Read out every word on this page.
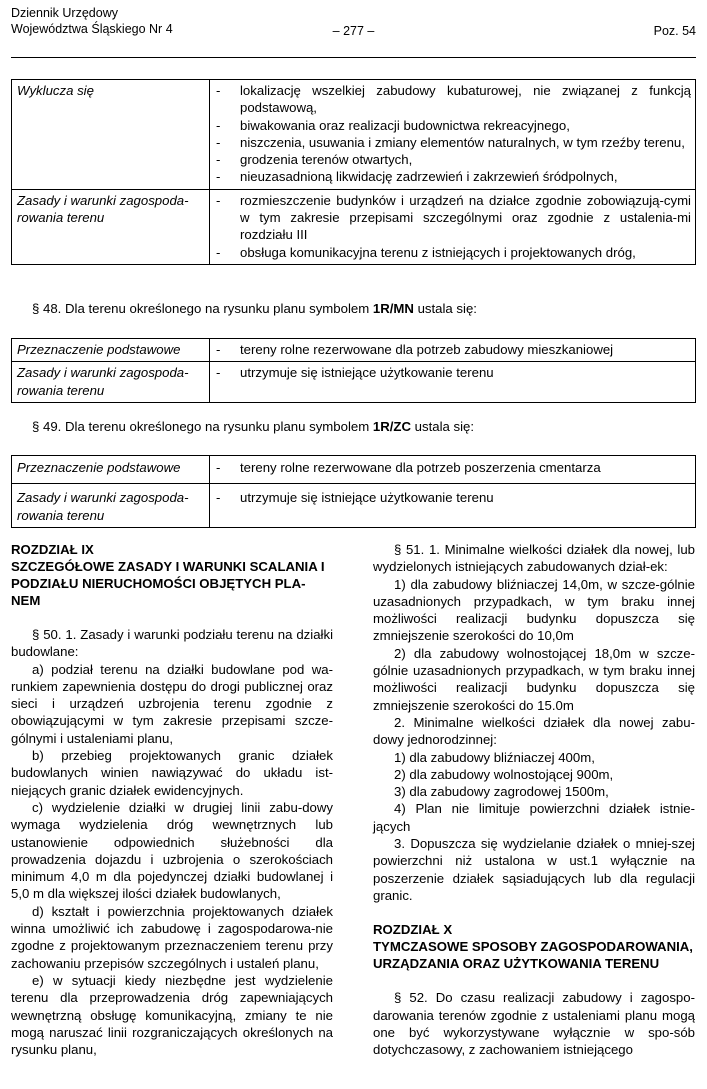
Dziennik Urzędowy
Województwa Śląskiego Nr 4	– 277 –	Poz. 54
Wyklucza się	- lokalizację wszelkiej zabudowy kubaturowej, nie związanej z funkcją podstawową,
- biwakowania oraz realizacji budownictwa rekreacyjnego,
- niszczenia, usuwania i zmiany elementów naturalnych, w tym rzeźby terenu,
- grodzenia terenów otwartych,
- nieuzasadnioną likwidację zadrzewień i zakrzewień śródpolnych,

Zasady i warunki zagospoda-rowania terenu	- rozmieszczenie budynków i urządzeń na działce zgodnie zobowiązują-cymi w tym zakresie przepisami szczególnymi oraz zgodnie z ustalenia-mi rozdziału III
- obsługa komunikacyjna terenu z istniejących i projektowanych dróg,
§ 48. Dla terenu określonego na rysunku planu symbolem 1R/MN ustala się:
Przeznaczenie podstawowe	- tereny rolne rezerwowane dla potrzeb zabudowy mieszkaniowej

Zasady i warunki zagospoda-rowania terenu	- utrzymuje się istniejące użytkowanie terenu
§ 49. Dla terenu określonego na rysunku planu symbolem 1R/ZC ustala się:
Przeznaczenie podstawowe	- tereny rolne rezerwowane dla potrzeb poszerzenia cmentarza

Zasady i warunki zagospoda-rowania terenu	- utrzymuje się istniejące użytkowanie terenu
ROZDZIAŁ IX
SZCZEGÓŁOWE ZASADY I WARUNKI SCALANIA I PODZIAŁU NIERUCHOMOŚCI OBJĘTYCH PLA-NEM

§ 50. 1. Zasady i warunki podziału terenu na działki budowlane:

a) podział terenu na działki budowlane pod wa-runkiem zapewnienia dostępu do drogi publicznej oraz sieci i urządzeń uzbrojenia terenu zgodnie z obowiązującymi w tym zakresie przepisami szcze-gólnymi i ustaleniami planu,

b) przebieg projektowanych granic działek budowlanych winien nawiązywać do układu ist-niejących granic działek ewidencyjnych.

c) wydzielenie działki w drugiej linii zabu-dowy wymaga wydzielenia dróg wewnętrznych lub ustanowienie odpowiednich służebności dla prowadzenia dojazdu i uzbrojenia o szerokościach minimum 4,0 m dla pojedynczej działki budowlanej i 5,0 m dla większej ilości działek budowlanych,

d) kształt i powierzchnia projektowanych działek winna umożliwić ich zabudowę i zagospodarowa-nie zgodne z projektowanym przeznaczeniem terenu przy zachowaniu przepisów szczególnych i ustaleń planu,

e) w sytuacji kiedy niezbędne jest wydzielenie terenu dla przeprowadzenia dróg zapewniających wewnętrzną obsługę komunikacyjną, zmiany te nie mogą naruszać linii rozgraniczających określonych na rysunku planu,

§ 51. 1. Minimalne wielkości działek dla nowej, lub wydzielonych istniejących zabudowanych dział-ek:

1) dla zabudowy bliźniaczej 14,0m, w szcze-gólnie uzasadnionych przypadkach, w tym braku innej możliwości realizacji budynku dopuszcza się zmniejszenie szerokości do 10,0m

2) dla zabudowy wolnostojącej 18,0m w szcze-gólnie uzasadnionych przypadkach, w tym braku innej możliwości realizacji budynku dopuszcza się zmniejszenie szerokości do 15.0m

2. Minimalne wielkości działek dla nowej zabu-dowy jednorodzinnej:

1) dla zabudowy bliźniaczej 400m,

2) dla zabudowy wolnostojącej 900m,

3) dla zabudowy zagrodowej 1500m,

4) Plan nie limituje powierzchni działek istnie-jących

3. Dopuszcza się wydzielanie działek o mniej-szej powierzchni niż ustalona w ust.1 wyłącznie na poszerzenie działek sąsiadujących lub dla regulacji granic.

ROZDZIAŁ X
TYMCZASOWE SPOSOBY ZAGOSPODAROWANIA, URZĄDZANIA ORAZ UŻYTKOWANIA TERENU

§ 52. Do czasu realizacji zabudowy i zagospo-darowania terenów zgodnie z ustaleniami planu mogą one być wykorzystywane wyłącznie w spo-sób dotychczasowy, z zachowaniem istniejącego
